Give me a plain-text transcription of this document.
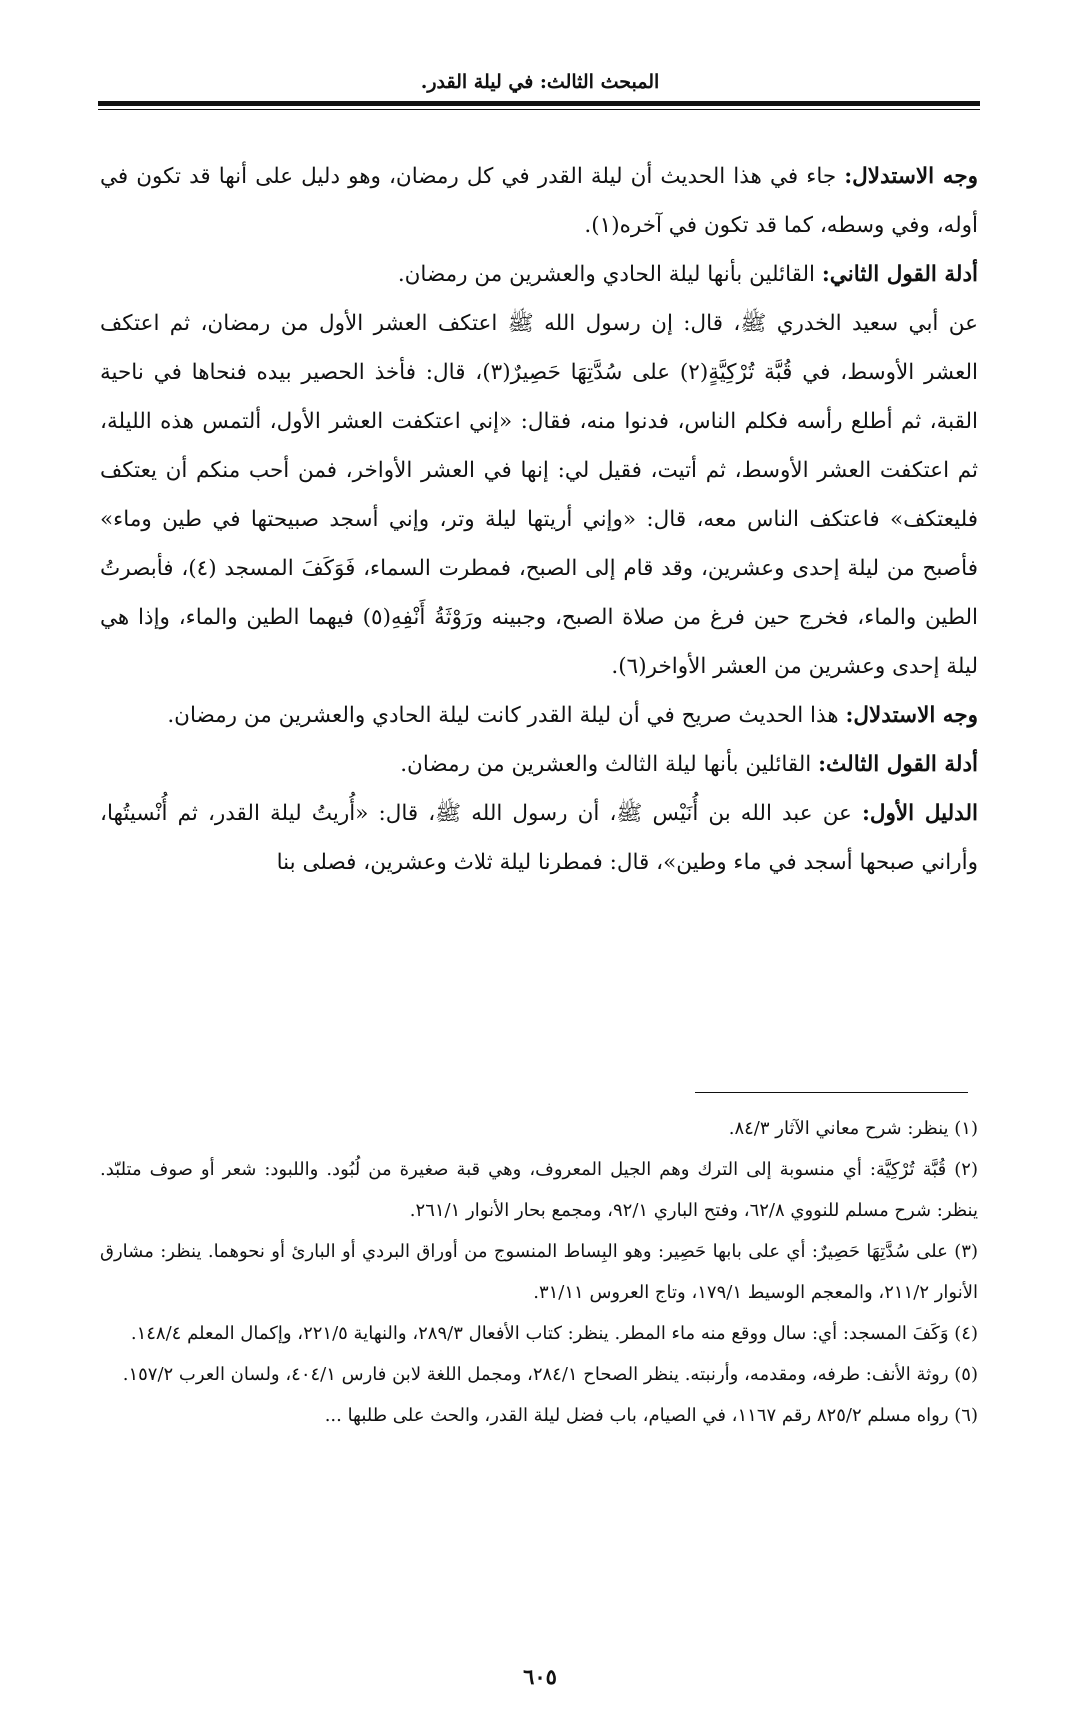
المبحث الثالث: في ليلة القدر.

وجه الاستدلال: جاء في هذا الحديث أن ليلة القدر في كل رمضان، وهو دليل على أنها قد تكون في أوله، وفي وسطه، كما قد تكون في آخره(١).

أدلة القول الثاني: القائلين بأنها ليلة الحادي والعشرين من رمضان.

عن أبي سعيد الخدري ﷺ، قال: إن رسول الله ﷺ اعتكف العشر الأول من رمضان، ثم اعتكف العشر الأوسط، في قُبَّة تُرْكِيَّةٍ(٢) على سُدَّتِهَا حَصِيرٌ(٣)، قال: فأخذ الحصير بيده فنحاها في ناحية القبة، ثم أطلع رأسه فكلم الناس، فدنوا منه، فقال: «إني اعتكفت العشر الأول، ألتمس هذه الليلة، ثم اعتكفت العشر الأوسط، ثم أتيت، فقيل لي: إنها في العشر الأواخر، فمن أحب منكم أن يعتكف فليعتكف» فاعتكف الناس معه، قال: «وإني أريتها ليلة وتر، وإني أسجد صبيحتها في طين وماء» فأصبح من ليلة إحدى وعشرين، وقد قام إلى الصبح، فمطرت السماء، فَوَكَفَ المسجد (٤)، فأبصرتُ الطين والماء، فخرج حين فرغ من صلاة الصبح، وجبينه ورَوْثَةُ أَنْفِهِ(٥) فيهما الطين والماء، وإذا هي ليلة إحدى وعشرين من العشر الأواخر(٦).

وجه الاستدلال: هذا الحديث صريح في أن ليلة القدر كانت ليلة الحادي والعشرين من رمضان.

أدلة القول الثالث: القائلين بأنها ليلة الثالث والعشرين من رمضان.

الدليل الأول: عن عبد الله بن أُنَيْس ﷺ، أن رسول الله ﷺ، قال: «أُريتُ ليلة القدر، ثم أُنْسيتُها، وأراني صبحها أسجد في ماء وطين»، قال: فمطرنا ليلة ثلاث وعشرين، فصلى بنا

(١) ينظر: شرح معاني الآثار ٨٤/٣.

(٢) قُبَّة تُرْكِيَّة: أي منسوبة إلى الترك وهم الجيل المعروف، وهي قبة صغيرة من لُبُود. واللبود: شعر أو صوف متلبّد. ينظر: شرح مسلم للنووي ٦٢/٨، وفتح الباري ٩٢/١، ومجمع بحار الأنوار ٢٦١/١.

(٣) على سُدَّتِهَا حَصِيرٌ: أي على بابها حَصِير: وهو البِساط المنسوج من أوراق البردي أو البارئ أو نحوهما. ينظر: مشارق الأنوار ٢١١/٢، والمعجم الوسيط ١٧٩/١، وتاج العروس ٣١/١١.

(٤) وَكَفَ المسجد: أي: سال ووقع منه ماء المطر. ينظر: كتاب الأفعال ٢٨٩/٣، والنهاية ٢٢١/٥، وإكمال المعلم ١٤٨/٤.

(٥) روثة الأنف: طرفه، ومقدمه، وأرنبته. ينظر الصحاح ٢٨٤/١، ومجمل اللغة لابن فارس ٤٠٤/١، ولسان العرب ١٥٧/٢.

(٦) رواه مسلم ٨٢٥/٢ رقم ١١٦٧، في الصيام، باب فضل ليلة القدر، والحث على طلبها ...

٦٠٥
